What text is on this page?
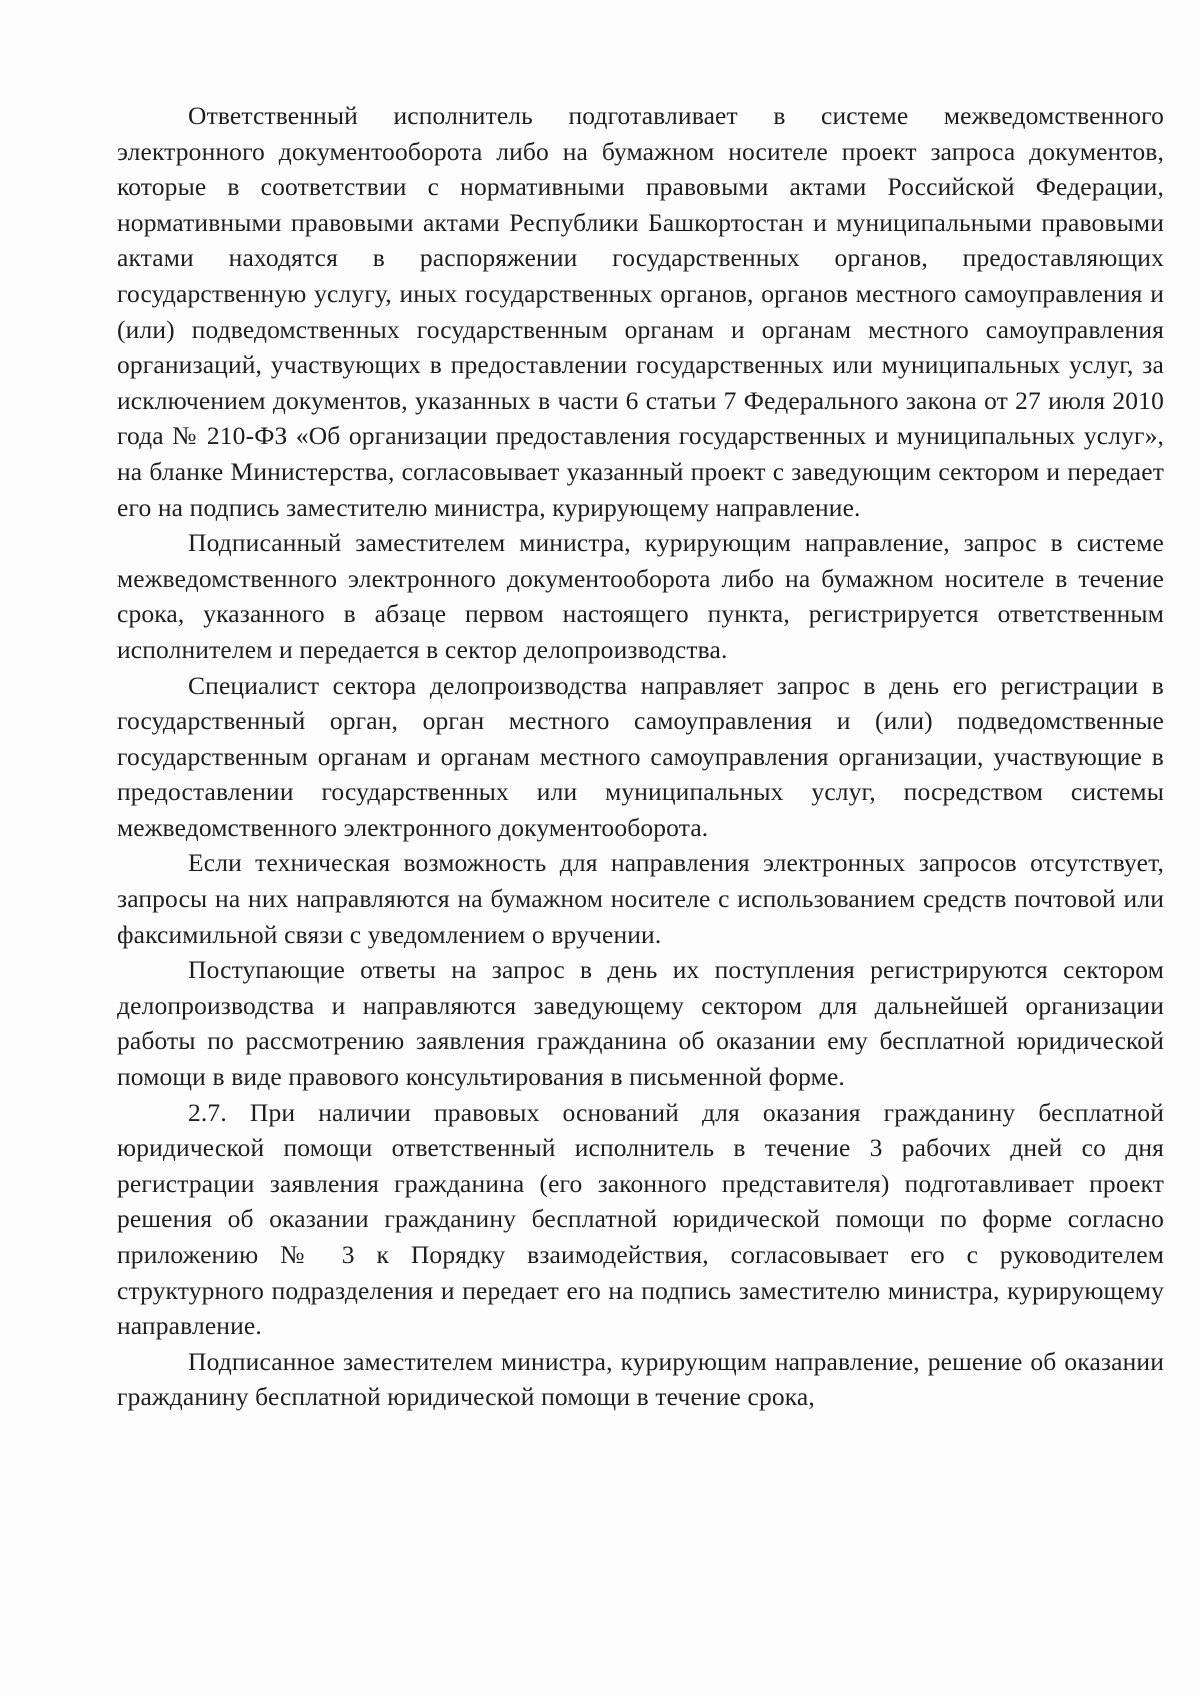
Ответственный исполнитель подготавливает в системе межведомственного электронного документооборота либо на бумажном носителе проект запроса документов, которые в соответствии с нормативными правовыми актами Российской Федерации, нормативными правовыми актами Республики Башкортостан и муниципальными правовыми актами находятся в распоряжении государственных органов, предоставляющих государственную услугу, иных государственных органов, органов местного самоуправления и (или) подведомственных государственным органам и органам местного самоуправления организаций, участвующих в предоставлении государственных или муниципальных услуг, за исключением документов, указанных в части 6 статьи 7 Федерального закона от 27 июля 2010 года № 210-ФЗ «Об организации предоставления государственных и муниципальных услуг», на бланке Министерства, согласовывает указанный проект с заведующим сектором и передает его на подпись заместителю министра, курирующему направление.

Подписанный заместителем министра, курирующим направление, запрос в системе межведомственного электронного документооборота либо на бумажном носителе в течение срока, указанного в абзаце первом настоящего пункта, регистрируется ответственным исполнителем и передается в сектор делопроизводства.

Специалист сектора делопроизводства направляет запрос в день его регистрации в государственный орган, орган местного самоуправления и (или) подведомственные государственным органам и органам местного самоуправления организации, участвующие в предоставлении государственных или муниципальных услуг, посредством системы межведомственного электронного документооборота.

Если техническая возможность для направления электронных запросов отсутствует, запросы на них направляются на бумажном носителе с использованием средств почтовой или факсимильной связи с уведомлением о вручении.

Поступающие ответы на запрос в день их поступления регистрируются сектором делопроизводства и направляются заведующему сектором для дальнейшей организации работы по рассмотрению заявления гражданина об оказании ему бесплатной юридической помощи в виде правового консультирования в письменной форме.

2.7. При наличии правовых оснований для оказания гражданину бесплатной юридической помощи ответственный исполнитель в течение 3 рабочих дней со дня регистрации заявления гражданина (его законного представителя) подготавливает проект решения об оказании гражданину бесплатной юридической помощи по форме согласно приложению № 3 к Порядку взаимодействия, согласовывает его с руководителем структурного подразделения и передает его на подпись заместителю министра, курирующему направление.

Подписанное заместителем министра, курирующим направление, решение об оказании гражданину бесплатной юридической помощи в течение срока,
